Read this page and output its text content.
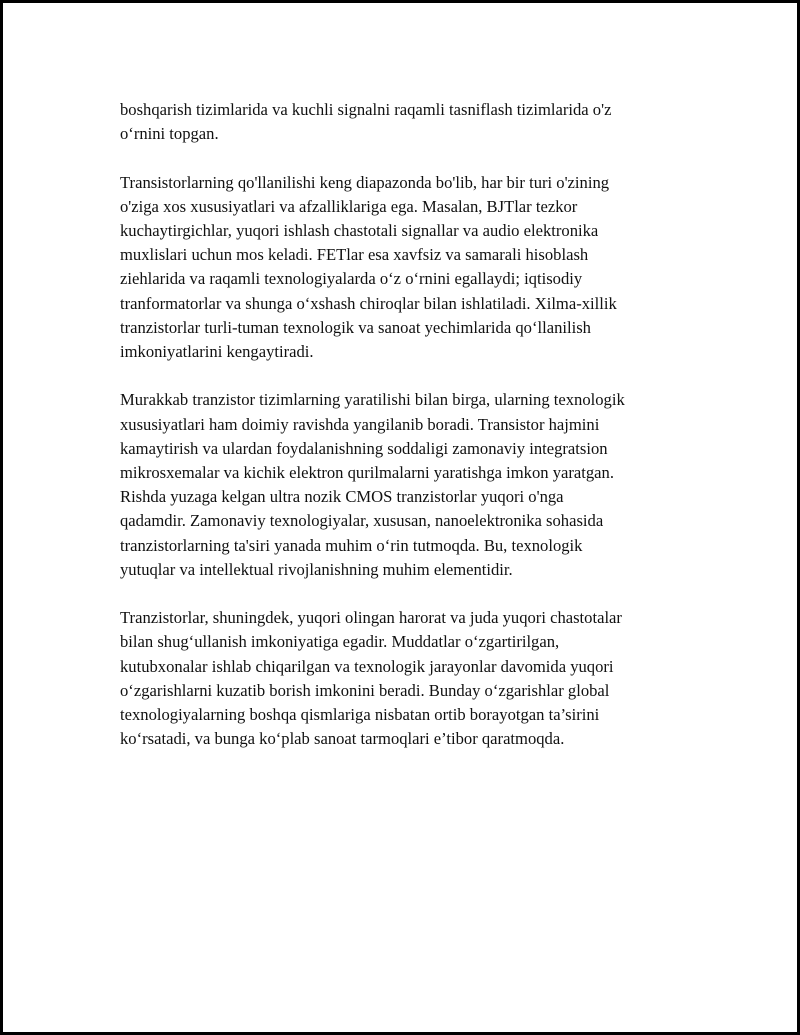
boshqarish tizimlarida va kuchli signalni raqamli tasniflash tizimlarida o'z
o‘rnini topgan.

Transistorlarning qo'llanilishi keng diapazonda bo'lib, har bir turi o'zining
o'ziga xos xususiyatlari va afzalliklariga ega. Masalan, BJTlar tezkor
kuchaytirgichlar, yuqori ishlash chastotali signallar va audio elektronika
muxlislari uchun mos keladi. FETlar esa xavfsiz va samarali hisoblash
ziehlarida va raqamli texnologiyalarda o‘z o‘rnini egallaydi; iqtisodiy
tranformatorlar va shunga o‘xshash chiroqlar bilan ishlatiladi. Xilma-xillik
tranzistorlar turli-tuman texnologik va sanoat yechimlarida qo‘llanilish
imkoniyatlarini kengaytiradi.

Murakkab tranzistor tizimlarning yaratilishi bilan birga, ularning texnologik
xususiyatlari ham doimiy ravishda yangilanib boradi. Transistor hajmini
kamaytirish va ulardan foydalanishning soddaligi zamonaviy integratsion
mikrosxemalar va kichik elektron qurilmalarni yaratishga imkon yaratgan.
Rishda yuzaga kelgan ultra nozik CMOS tranzistorlar yuqori o'nga
qadamdir. Zamonaviy texnologiyalar, xususan, nanoelektronika sohasida
tranzistorlarning ta'siri yanada muhim o‘rin tutmoqda. Bu, texnologik
yutuqlar va intellektual rivojlanishning muhim elementidir.

Tranzistorlar, shuningdek, yuqori olingan harorat va juda yuqori chastotalar
bilan shug‘ullanish imkoniyatiga egadir. Muddatlar o‘zgartirilgan,
kutubxonalar ishlab chiqarilgan va texnologik jarayonlar davomida yuqori
o‘zgarishlarni kuzatib borish imkonini beradi. Bunday o‘zgarishlar global
texnologiyalarning boshqa qismlariga nisbatan ortib borayotgan ta’sirini
ko‘rsatadi, va bunga ko‘plab sanoat tarmoqlari e’tibor qaratmoqda.
